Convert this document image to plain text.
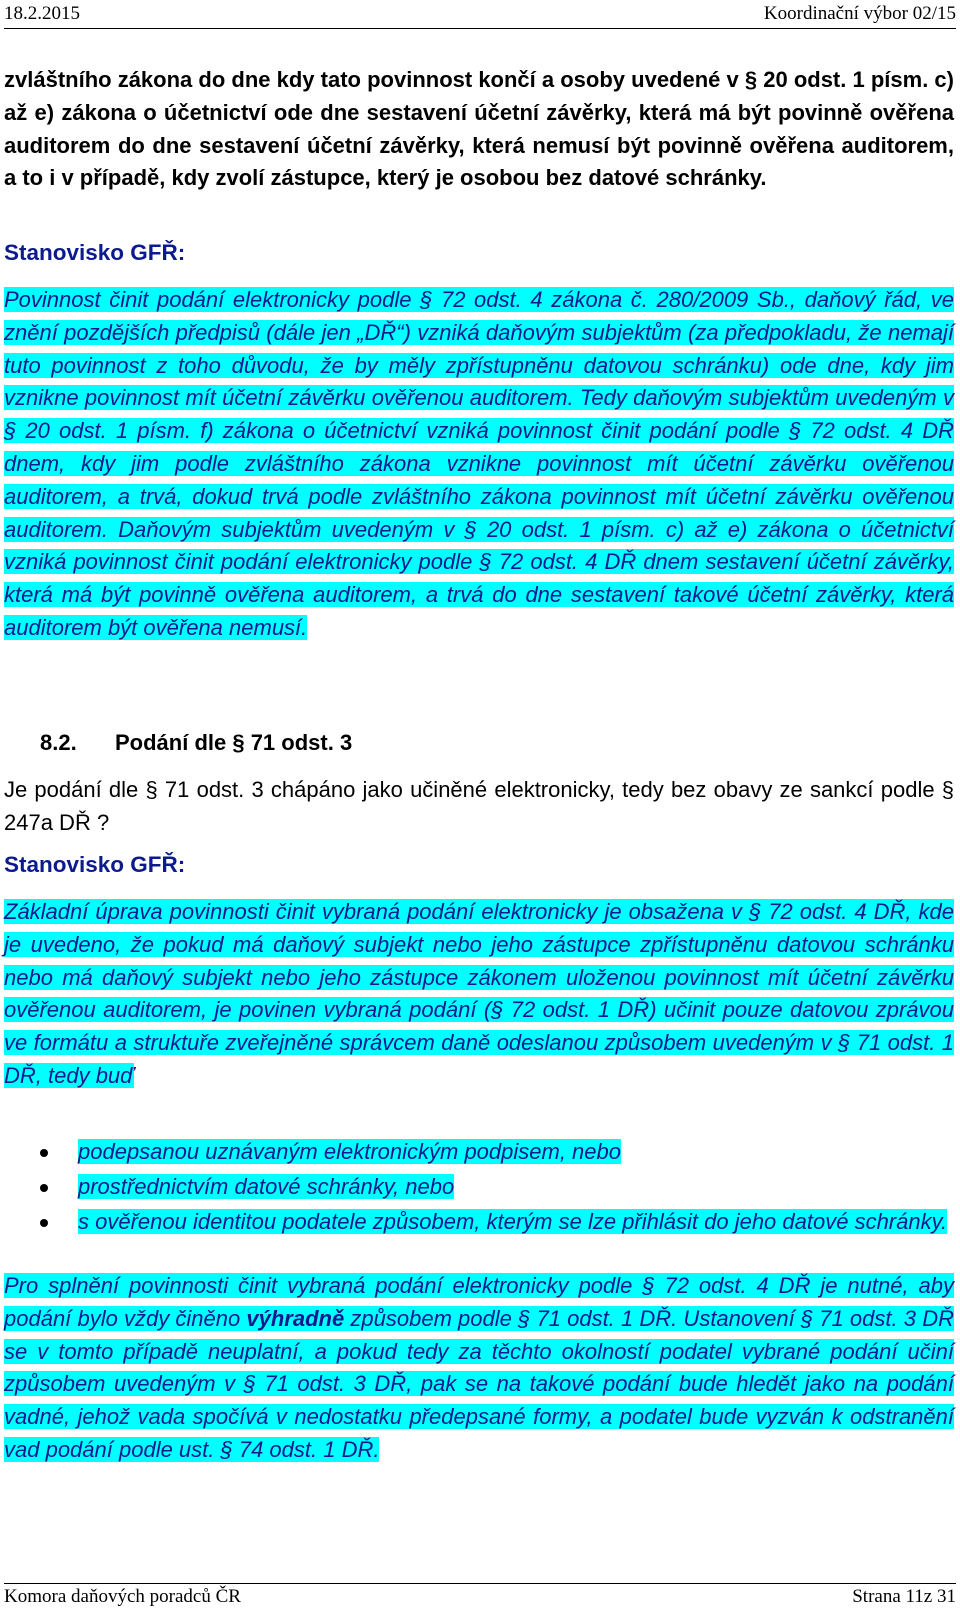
18.2.2015	Koordinační výbor 02/15

zvláštního zákona do dne kdy tato povinnost končí a osoby uvedené v § 20 odst. 1 písm. c) až e) zákona o účetnictví ode dne sestavení účetní závěrky, která má být povinně ověřena auditorem do dne sestavení účetní závěrky, která nemusí být povinně ověřena auditorem, a to i v případě, kdy zvolí zástupce, který je osobou bez datové schránky.

Stanovisko GFŘ:

Povinnost činit podání elektronicky podle § 72 odst. 4 zákona č. 280/2009 Sb., daňový řád, ve znění pozdějších předpisů (dále jen „DŘ“) vzniká daňovým subjektům (za předpokladu, že nemají tuto povinnost z toho důvodu, že by měly zpřístupněnu datovou schránku) ode dne, kdy jim vznikne povinnost mít účetní závěrku ověřenou auditorem. Tedy daňovým subjektům uvedeným v § 20 odst. 1 písm. f) zákona o účetnictví vzniká povinnost činit podání podle § 72 odst. 4 DŘ dnem, kdy jim podle zvláštního zákona vznikne povinnost mít účetní závěrku ověřenou auditorem, a trvá, dokud trvá podle zvláštního zákona povinnost mít účetní závěrku ověřenou auditorem. Daňovým subjektům uvedeným v § 20 odst. 1 písm. c) až e) zákona o účetnictví vzniká povinnost činit podání elektronicky podle § 72 odst. 4 DŘ dnem sestavení účetní závěrky, která má být povinně ověřena auditorem, a trvá do dne sestavení takové účetní závěrky, která auditorem být ověřena nemusí.

8.2. Podání dle § 71 odst. 3

Je podání dle § 71 odst. 3 chápáno jako učiněné elektronicky, tedy bez obavy ze sankcí podle § 247a DŘ ?

Stanovisko GFŘ:

Základní úprava povinnosti činit vybraná podání elektronicky je obsažena v § 72 odst. 4 DŘ, kde je uvedeno, že pokud má daňový subjekt nebo jeho zástupce zpřístupněnu datovou schránku nebo má daňový subjekt nebo jeho zástupce zákonem uloženou povinnost mít účetní závěrku ověřenou auditorem, je povinen vybraná podání (§ 72 odst. 1 DŘ) učinit pouze datovou zprávou ve formátu a struktuře zveřejněné správcem daně odeslanou způsobem uvedeným v § 71 odst. 1 DŘ, tedy buď

podepsanou uznávaným elektronickým podpisem, nebo
prostřednictvím datové schránky, nebo
s ověřenou identitou podatele způsobem, kterým se lze přihlásit do jeho datové schránky.

Pro splnění povinnosti činit vybraná podání elektronicky podle § 72 odst. 4 DŘ je nutné, aby podání bylo vždy činěno výhradně způsobem podle § 71 odst. 1 DŘ. Ustanovení § 71 odst. 3 DŘ se v tomto případě neuplatní, a pokud tedy za těchto okolností podatel vybrané podání učiní způsobem uvedeným v § 71 odst. 3 DŘ, pak se na takové podání bude hledět jako na podání vadné, jehož vada spočívá v nedostatku předepsané formy, a podatel bude vyzván k odstranění vad podání podle ust. § 74 odst. 1 DŘ.

Komora daňových poradců ČR	Strana 11z 31
